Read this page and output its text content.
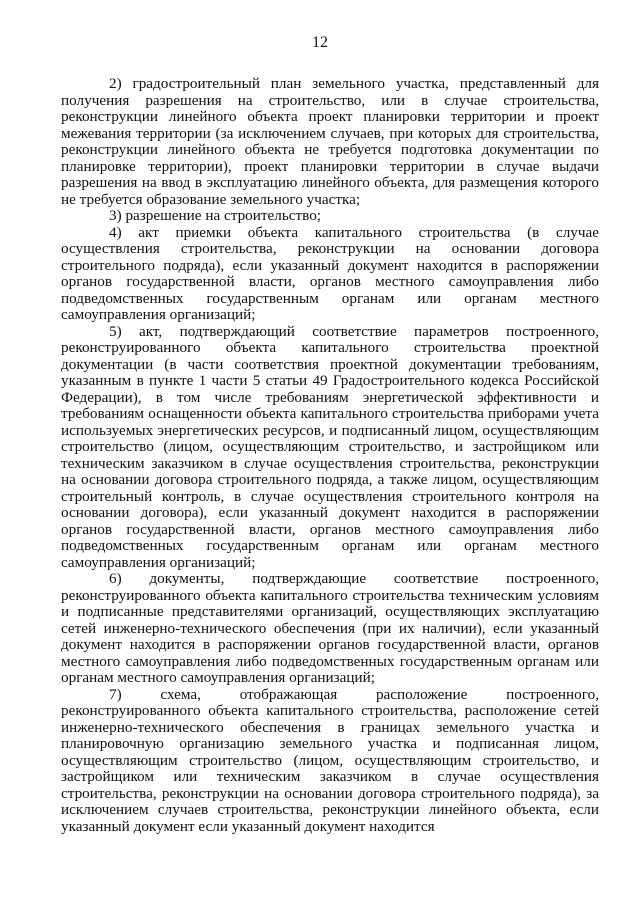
12

2) градостроительный план земельного участка, представленный для получения разрешения на строительство, или в случае строительства, реконструкции линейного объекта проект планировки территории и проект межевания территории (за исключением случаев, при которых для строительства, реконструкции линейного объекта не требуется подготовка документации по планировке территории), проект планировки территории в случае выдачи разрешения на ввод в эксплуатацию линейного объекта, для размещения которого не требуется образование земельного участка;

3) разрешение на строительство;

4) акт приемки объекта капитального строительства (в случае осуществления строительства, реконструкции на основании договора строительного подряда), если указанный документ находится в распоряжении органов государственной власти, органов местного самоуправления либо подведомственных государственным органам или органам местного самоуправления организаций;

5) акт, подтверждающий соответствие параметров построенного, реконструированного объекта капитального строительства проектной документации (в части соответствия проектной документации требованиям, указанным в пункте 1 части 5 статьи 49 Градостроительного кодекса Российской Федерации), в том числе требованиям энергетической эффективности и требованиям оснащенности объекта капитального строительства приборами учета используемых энергетических ресурсов, и подписанный лицом, осуществляющим строительство (лицом, осуществляющим строительство, и застройщиком или техническим заказчиком в случае осуществления строительства, реконструкции на основании договора строительного подряда, а также лицом, осуществляющим строительный контроль, в случае осуществления строительного контроля на основании договора), если указанный документ находится в распоряжении органов государственной власти, органов местного самоуправления либо подведомственных государственным органам или органам местного самоуправления организаций;

6) документы, подтверждающие соответствие построенного, реконструированного объекта капитального строительства техническим условиям и подписанные представителями организаций, осуществляющих эксплуатацию сетей инженерно-технического обеспечения (при их наличии), если указанный документ находится в распоряжении органов государственной власти, органов местного самоуправления либо подведомственных государственным органам или органам местного самоуправления организаций;

7) схема, отображающая расположение построенного, реконструированного объекта капитального строительства, расположение сетей инженерно-технического обеспечения в границах земельного участка и планировочную организацию земельного участка и подписанная лицом, осуществляющим строительство (лицом, осуществляющим строительство, и застройщиком или техническим заказчиком в случае осуществления строительства, реконструкции на основании договора строительного подряда), за исключением случаев строительства, реконструкции линейного объекта, если указанный документ если указанный документ находится
